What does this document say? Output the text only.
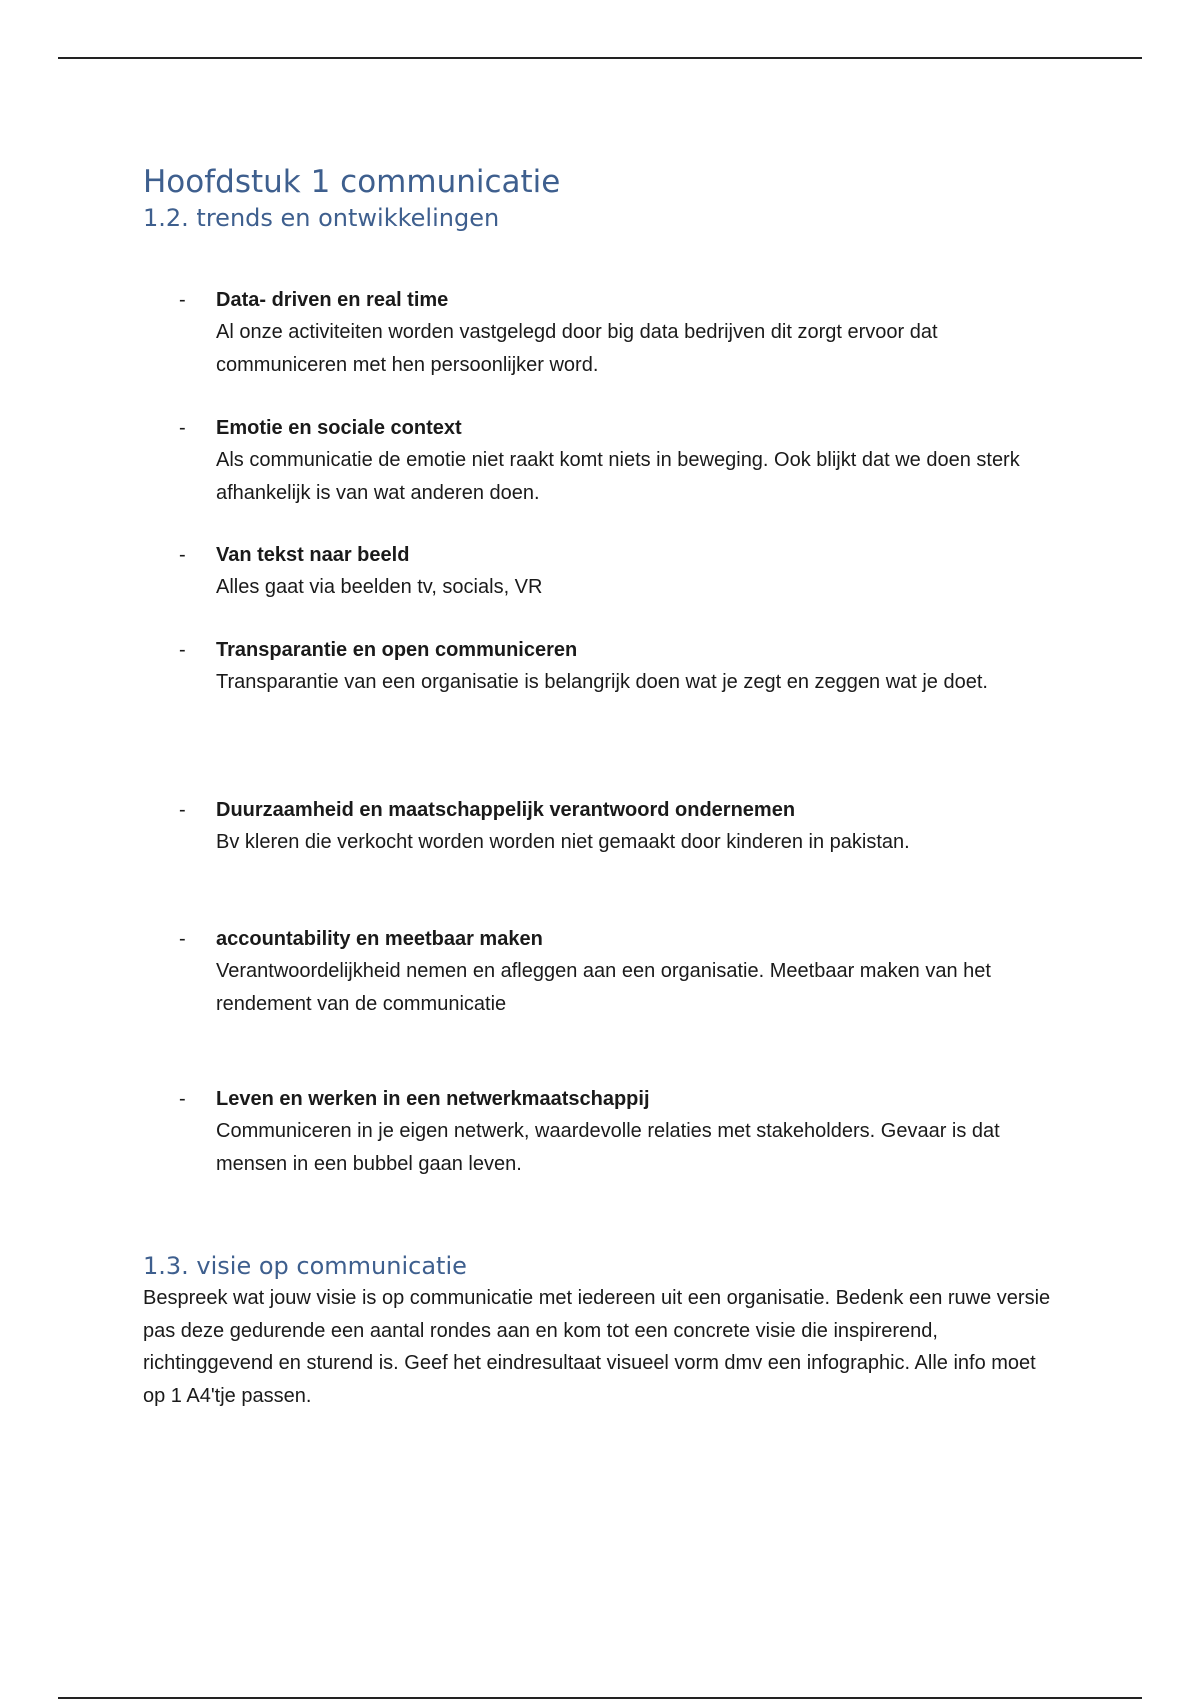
Hoofdstuk 1 communicatie
1.2. trends en ontwikkelingen
- Data- driven en real time
Al onze activiteiten worden vastgelegd door big data bedrijven dit zorgt ervoor dat communiceren met hen persoonlijker word.
- Emotie en sociale context
Als communicatie de emotie niet raakt komt niets in beweging. Ook blijkt dat we doen sterk afhankelijk is van wat anderen doen.
- Van tekst naar beeld
Alles gaat via beelden tv, socials, VR
- Transparantie en open communiceren
Transparantie van een organisatie is belangrijk doen wat je zegt en zeggen wat je doet.
- Duurzaamheid en maatschappelijk verantwoord ondernemen
Bv kleren die verkocht worden worden niet gemaakt door kinderen in pakistan.
- accountability en meetbaar maken
Verantwoordelijkheid nemen en afleggen aan een organisatie. Meetbaar maken van het rendement van de communicatie
- Leven en werken in een netwerkmaatschappij
Communiceren in je eigen netwerk, waardevolle relaties met stakeholders. Gevaar is dat mensen in een bubbel gaan leven.
1.3. visie op communicatie

Bespreek wat jouw visie is op communicatie met iedereen uit een organisatie. Bedenk een ruwe versie pas deze gedurende een aantal rondes aan en kom tot een concrete visie die inspirerend, richtinggevend en sturend is. Geef het eindresultaat visueel vorm dmv een infographic. Alle info moet op 1 A4'tje passen.
